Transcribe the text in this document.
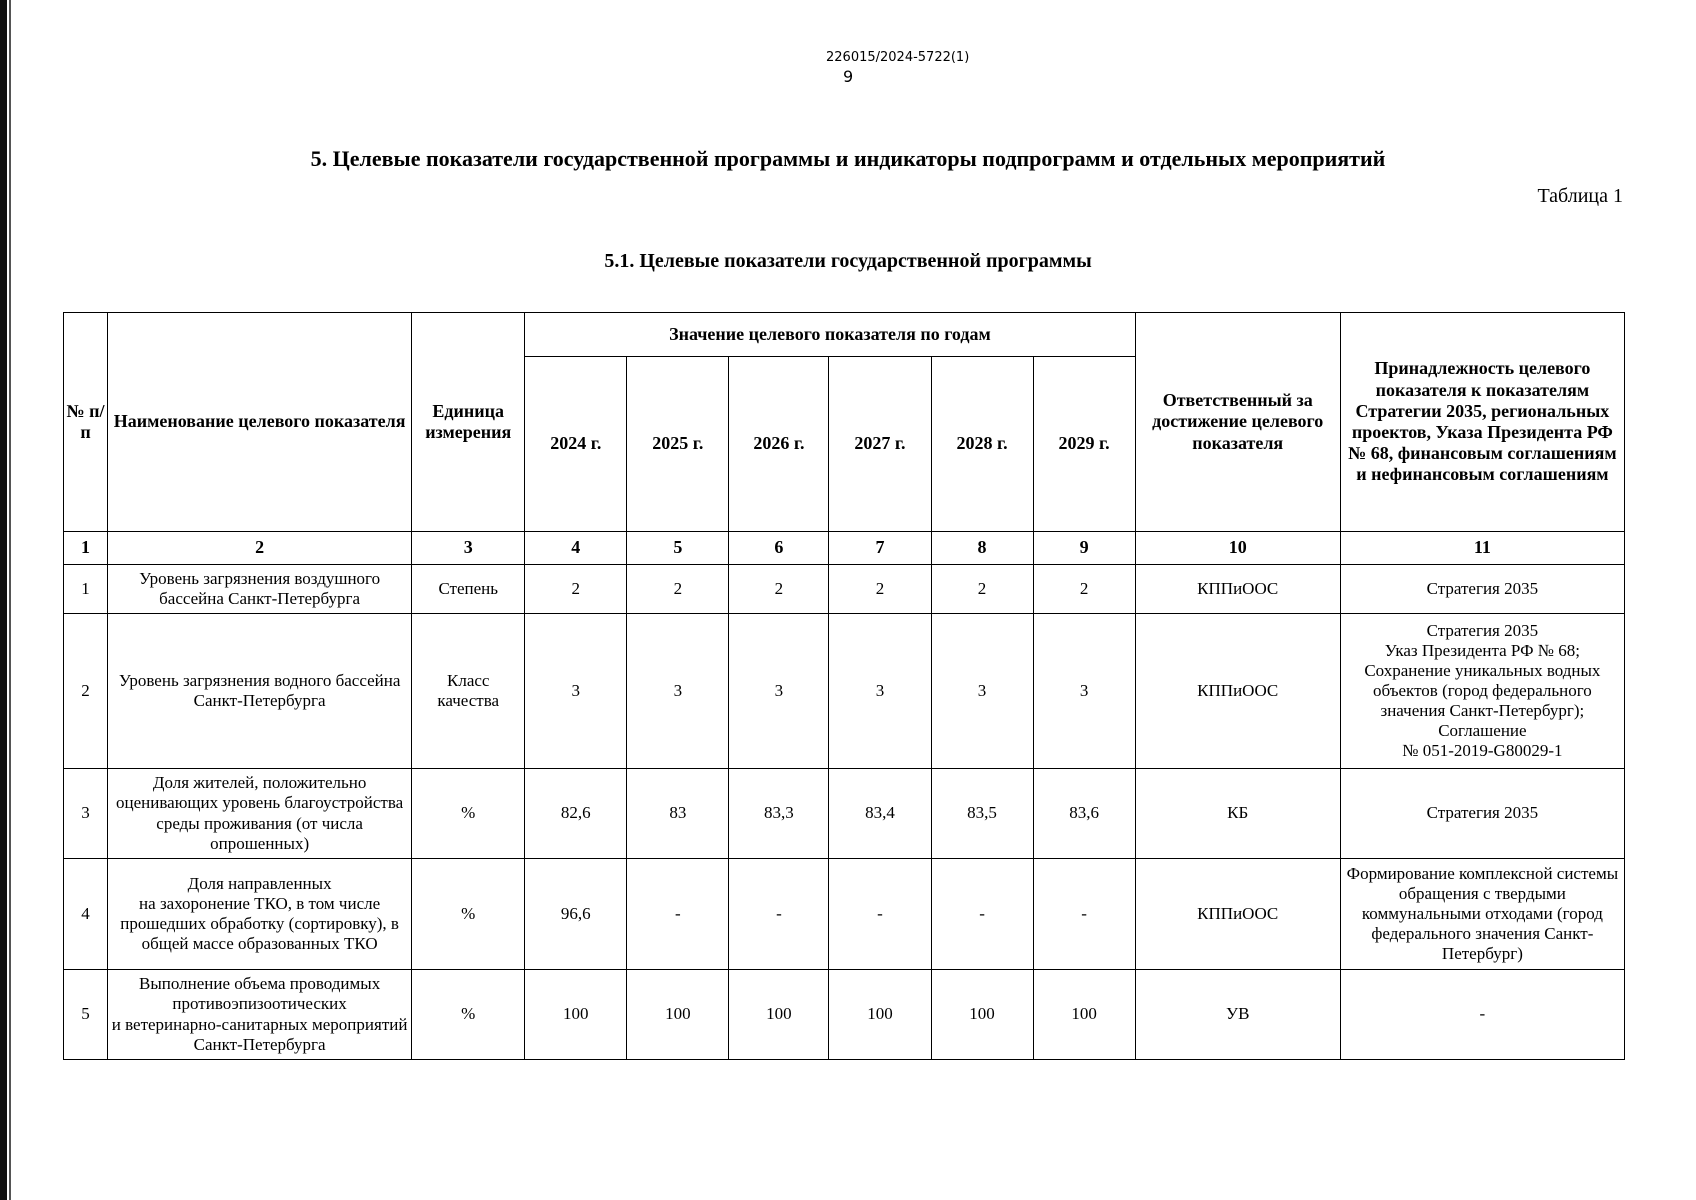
226015/2024-5722(1)
9
5. Целевые показатели государственной программы и индикаторы подпрограмм и отдельных мероприятий
Таблица 1
5.1. Целевые показатели государственной программы
№ п/п	Наименование целевого показателя	Единица измерения	Значение целевого показателя по годам						Ответственный за достижение целевого показателя	Принадлежность целевого показателя к показателям Стратегии 2035, региональных проектов, Указа Президента РФ № 68, финансовым соглашениям и нефинансовым соглашениям
			2024 г.	2025 г.	2026 г.	2027 г.	2028 г.	2029 г.		
1	2	3	4	5	6	7	8	9	10	11
1	Уровень загрязнения воздушного бассейна Санкт-Петербурга	Степень	2	2	2	2	2	2	КППиООС	Стратегия 2035
2	Уровень загрязнения водного бассейна Санкт-Петербурга	Класс качества	3	3	3	3	3	3	КППиООС	Стратегия 2035
Указ Президента РФ № 68;
Сохранение уникальных водных объектов (город федерального значения Санкт-Петербург);
Соглашение
№ 051-2019-G80029-1
3	Доля жителей, положительно оценивающих уровень благоустройства среды проживания (от числа опрошенных)	%	82,6	83	83,3	83,4	83,5	83,6	КБ	Стратегия 2035
4	Доля направленных
на захоронение ТКО, в том числе прошедших обработку (сортировку), в общей массе образованных ТКО	%	96,6	-	-	-	-	-	КППиООС	Формирование комплексной системы обращения с твердыми коммунальными отходами (город федерального значения Санкт-Петербург)
5	Выполнение объема проводимых противоэпизоотических
и ветеринарно-санитарных мероприятий Санкт-Петербурга	%	100	100	100	100	100	100	УВ	-
